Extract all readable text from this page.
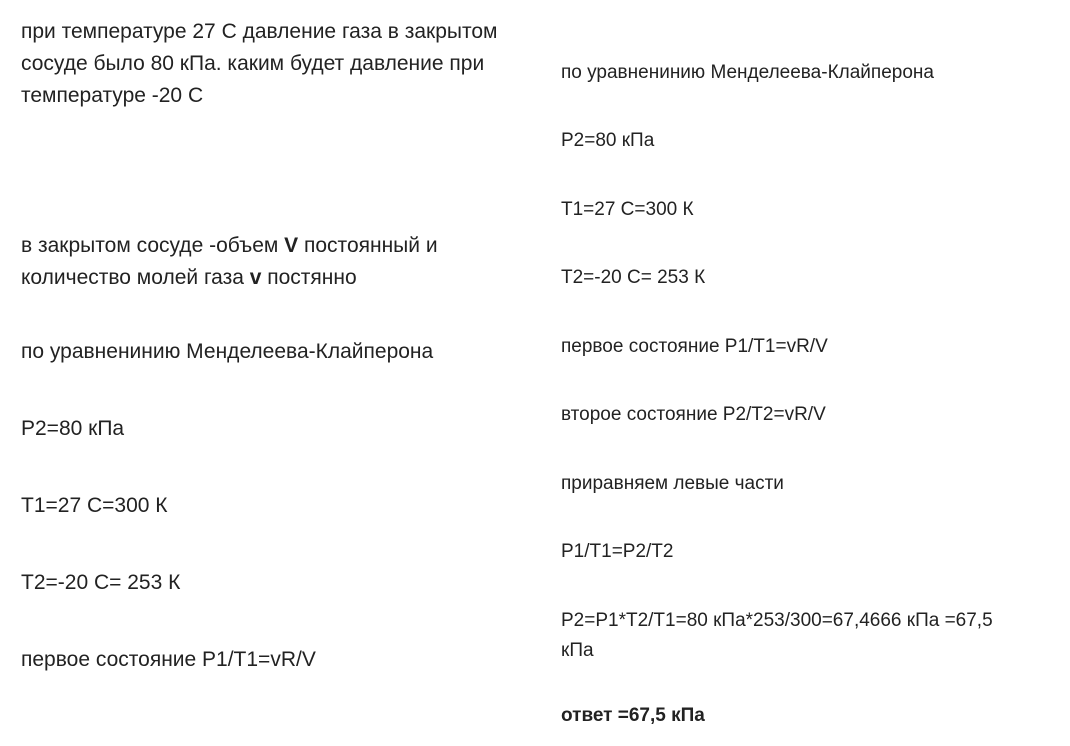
при температуре 27 С давление газа в закрытом сосуде было 80 кПа. каким будет давление при температуре -20 С
в закрытом сосуде -объем V постоянный и количество молей газа v постянно
по уравненинию Менделеева-Клайперона
P2=80 кПа
T1=27 С=300 К
T2=-20 С= 253 К
первое состояние P1/T1=vR/V
по уравненинию Менделеева-Клайперона
P2=80 кПа
T1=27 С=300 К
T2=-20 С= 253 К
первое состояние P1/T1=vR/V
второе состояние P2/T2=vR/V
приравняем левые части
P1/T1=P2/T2
P2=P1*T2/T1=80 кПа*253/300=67,4666 кПа =67,5 кПа
ответ =67,5 кПа
